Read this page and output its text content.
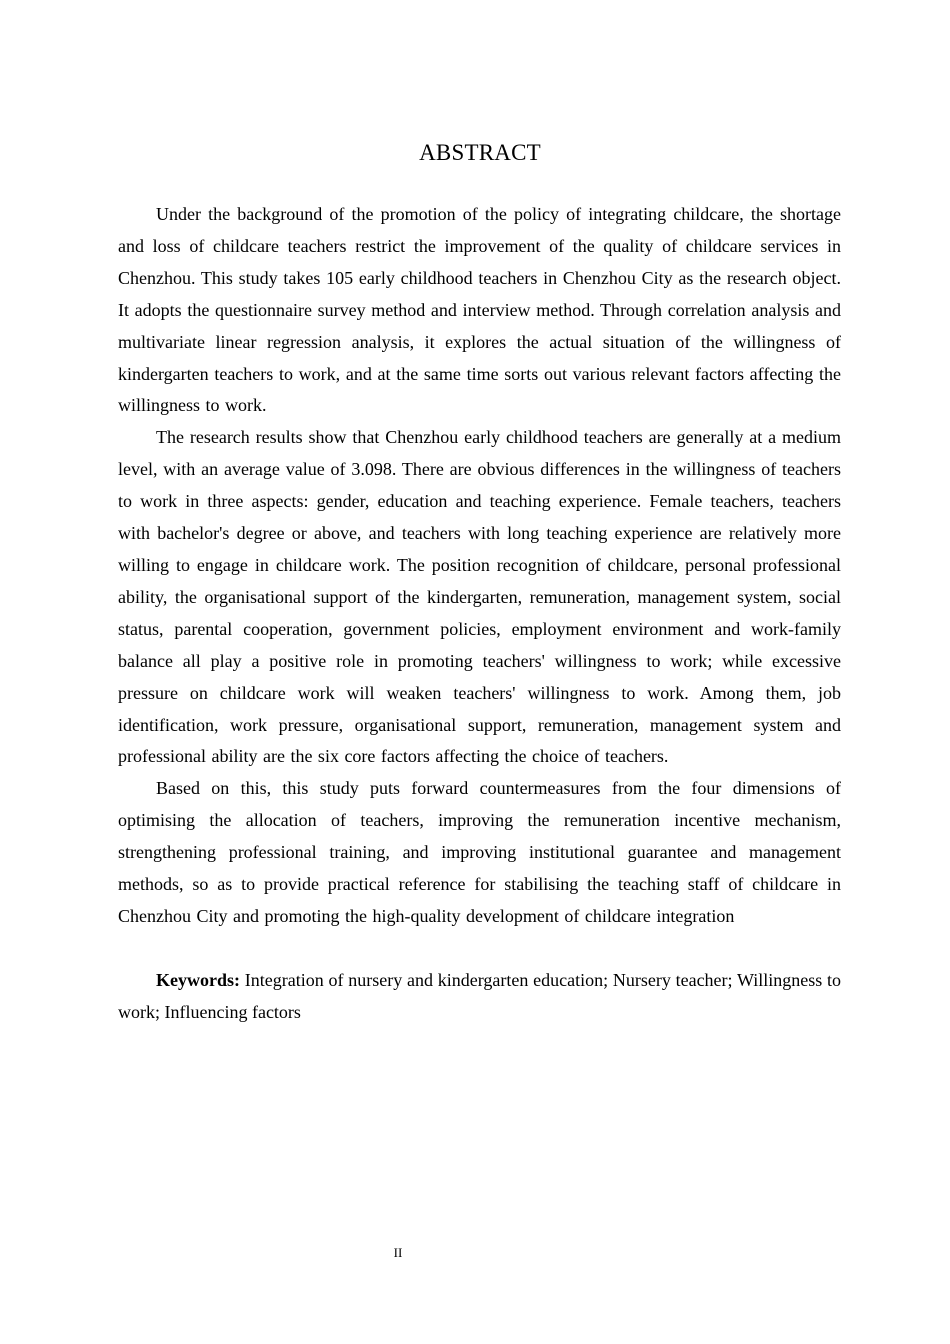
ABSTRACT

Under the background of the promotion of the policy of integrating childcare, the shortage and loss of childcare teachers restrict the improvement of the quality of childcare services in Chenzhou. This study takes 105 early childhood teachers in Chenzhou City as the research object. It adopts the questionnaire survey method and interview method. Through correlation analysis and multivariate linear regression analysis, it explores the actual situation of the willingness of kindergarten teachers to work, and at the same time sorts out various relevant factors affecting the willingness to work.

The research results show that Chenzhou early childhood teachers are generally at a medium level, with an average value of 3.098. There are obvious differences in the willingness of teachers to work in three aspects: gender, education and teaching experience. Female teachers, teachers with bachelor's degree or above, and teachers with long teaching experience are relatively more willing to engage in childcare work. The position recognition of childcare, personal professional ability, the organisational support of the kindergarten, remuneration, management system, social status, parental cooperation, government policies, employment environment and work-family balance all play a positive role in promoting teachers' willingness to work; while excessive pressure on childcare work will weaken teachers' willingness to work. Among them, job identification, work pressure, organisational support, remuneration, management system and professional ability are the six core factors affecting the choice of teachers.

Based on this, this study puts forward countermeasures from the four dimensions of optimising the allocation of teachers, improving the remuneration incentive mechanism, strengthening professional training, and improving institutional guarantee and management methods, so as to provide practical reference for stabilising the teaching staff of childcare in Chenzhou City and promoting the high-quality development of childcare integration

Keywords: Integration of nursery and kindergarten education; Nursery teacher; Willingness to work; Influencing factors

II
